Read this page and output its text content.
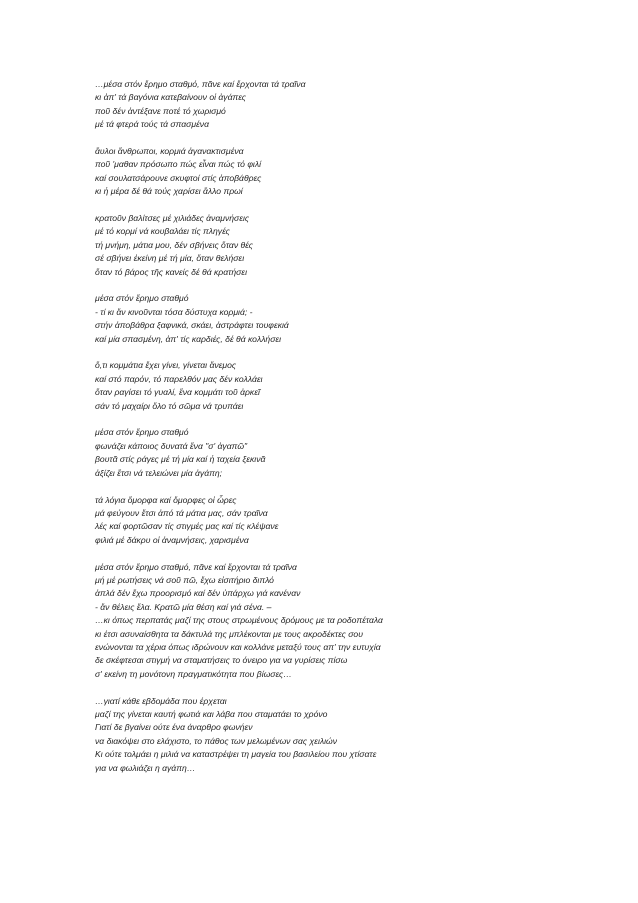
…μέσα στόν ἔρημο σταθμό, πᾶνε καί ἔρχονται τά τραῖνα
κι ἀπ' τά βαγόνια κατεβαίνουν οἱ ἀγάπες
ποῦ δέν ἀντέξανε ποτέ τό χωρισμό
μέ τά φτερά τούς τά σπασμένα
ἄυλοι ἄνθρωποι, κορμιά ἀγανακτισμένα
ποῦ 'μαθαν πρόσωπο πώς εἶναι πώς τό φιλί
καί σουλατσάρουνε σκυφτοί στίς ἀποβάθρες
κι ἡ μέρα δέ θά τούς χαρίσει ἄλλο πρωί
κρατοῦν βαλίτσες μέ χιλιάδες ἀναμνήσεις
μέ τό κορμί νά κουβαλάει τίς πληγές
τή μνήμη, μάτια μου, δέν σβήνεις ὅταν θές
σέ σβήνει ἐκείνη μέ τή μία, ὅταν θελήσει
ὅταν τό βάρος τῆς κανείς δέ θά κρατήσει
μέσα στόν ἔρημο σταθμό
- τί κι ἄν κινοῦνται τόσα δύστυχα κορμιά; -
στήν ἀποβάθρα ξαφνικά, σκάει, ἀστράφτει τουφεκιά
καί μία σπασμένη, ἀπ' τίς καρδιές, δέ θά κολλήσει
ὅ,τι κομμάτια ἔχει γίνει, γίνεται ἄνεμος
καί στό παρόν, τό παρελθόν μας δέν κολλάει
ὅταν ραγίσει τό γυαλί, ἕνα κομμάτι τοῦ ἀρκεῖ
σάν τό μαχαίρι ὅλο τό σῶμα νά τρυπάει
μέσα στόν ἔρημο σταθμό
φωνάζει κάποιος δυνατά ἕνα "σ' ἀγαπῶ"
βουτᾶ στίς ράγες μέ τή μία καί ἡ ταχεία ξεκινᾶ
ἀξίζει ἔτσι νά τελειώνει μία ἀγάπη;
τά λόγια ὄμορφα καί ὄμορφες οἱ ὧρες
μά φεύγουν ἔτσι ἀπό τά μάτια μας, σάν τραῖνα
λές καί φορτῶσαν τίς στιγμές μας καί τίς κλέψανε
φιλιά μέ δάκρυ οἱ ἀναμνήσεις, χαρισμένα
μέσα στόν ἔρημο σταθμό, πᾶνε καί ἔρχονται τά τραῖνα
μή μέ ρωτήσεις νά σοῦ πῶ, ἔχω εἰσιτήριο διπλό
ἁπλά δέν ἔχω προορισμό καί δέν ὑπάρχω γιά κανέναν
- ἄν θέλεις ἔλα. Κρατῶ μία θέση καί γιά σένα. –
…κι όπως περπατάς μαζί της στους στρωμένους δρόμους με τα ροδοπέταλα
κι έτσι ασυναίσθητα τα δάκτυλά της μπλέκονται με τους ακροδέκτες σου
ενώνονται τα χέρια όπως ιδρώνουν και κολλάνε μεταξύ τους απ' την ευτυχία
δε σκέφτεσαι στιγμή να σταματήσεις το όνειρο για να γυρίσεις πίσω
σ' εκείνη τη μονότονη πραγματικότητα που βίωσες…
…γιατί κάθε εβδομάδα που έρχεται
μαζί της γίνεται καυτή φωτιά και λάβα που σταματάει το χρόνο
Γιατί δε βγαίνει ούτε ένα άναρθρο φωνήεν
να διακόψει στο ελάχιστο, το πάθος των μελωμένων σας χειλιών
Κι ούτε τολμάει η μιλιά να καταστρέψει τη μαγεία του βασιλείου που χτίσατε
για να φωλιάζει η αγάπη…
